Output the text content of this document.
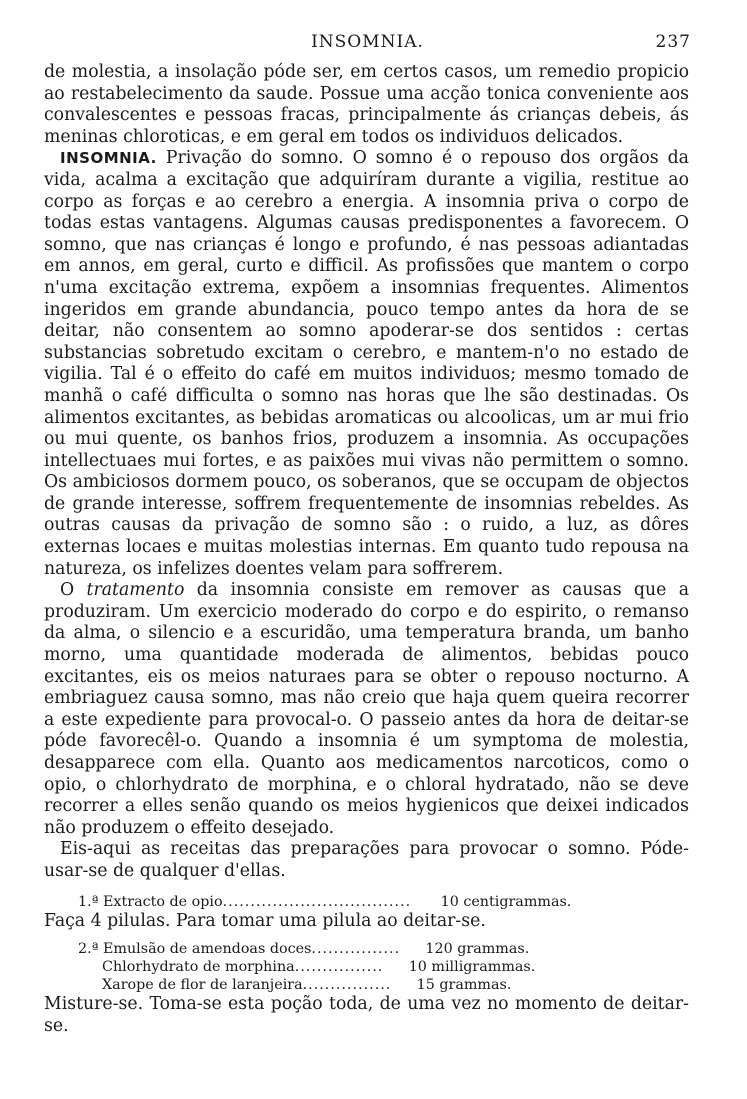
INSOMNIA.	237

de molestia, a insolação póde ser, em certos casos, um remedio propicio ao restabelecimento da saude. Possue uma acção tonica conveniente aos convalescentes e pessoas fracas, principalmente ás crianças debeis, ás meninas chloroticas, e em geral em todos os individuos delicados.

INSOMNIA. Privação do somno. O somno é o repouso dos orgãos da vida, acalma a excitação que adquiríram durante a vigilia, restitue ao corpo as forças e ao cerebro a energia. A insomnia priva o corpo de todas estas vantagens. Algumas causas predisponentes a favorecem. O somno, que nas crianças é longo e profundo, é nas pessoas adiantadas em annos, em geral, curto e difficil. As profissões que mantem o corpo n'uma excitação extrema, expõem a insomnias frequentes. Alimentos ingeridos em grande abundancia, pouco tempo antes da hora de se deitar, não consentem ao somno apoderar-se dos sentidos : certas substancias sobretudo excitam o cerebro, e mantem-n'o no estado de vigilia. Tal é o effeito do café em muitos individuos; mesmo tomado de manhã o café difficulta o somno nas horas que lhe são destinadas. Os alimentos excitantes, as bebidas aromaticas ou alcoolicas, um ar mui frio ou mui quente, os banhos frios, produzem a insomnia. As occupações intellectuaes mui fortes, e as paixões mui vivas não permittem o somno. Os ambiciosos dormem pouco, os soberanos, que se occupam de objectos de grande interesse, soffrem frequentemente de insomnias rebeldes. As outras causas da privação de somno são : o ruido, a luz, as dôres externas locaes e muitas molestias internas. Em quanto tudo repousa na natureza, os infelizes doentes velam para soffrerem.

O tratamento da insomnia consiste em remover as causas que a produziram. Um exercicio moderado do corpo e do espirito, o remanso da alma, o silencio e a escuridão, uma temperatura branda, um banho morno, uma quantidade moderada de alimentos, bebidas pouco excitantes, eis os meios naturaes para se obter o repouso nocturno. A embriaguez causa somno, mas não creio que haja quem queira recorrer a este expediente para provocal-o. O passeio antes da hora de deitar-se póde favorecêl-o. Quando a insomnia é um symptoma de molestia, desapparece com ella. Quanto aos medicamentos narcoticos, como o opio, o chlorhydrato de morphina, e o chloral hydratado, não se deve recorrer a elles senão quando os meios hygienicos que deixei indicados não produzem o effeito desejado.

Eis-aqui as receitas das preparações para provocar o somno. Póde-usar-se de qualquer d'ellas.

1.ª Extracto de opio ..................................	10 centigrammas.

Faça 4 pilulas. Para tomar uma pilula ao deitar-se.

2.ª Emulsão de amendoas doces ................	120 grammas.
Chlorhydrato de morphina ................	10 milligrammas.
Xarope de flor de laranjeira ................	15 grammas.

Misture-se. Toma-se esta poção toda, de uma vez no momento de deitar-se.
